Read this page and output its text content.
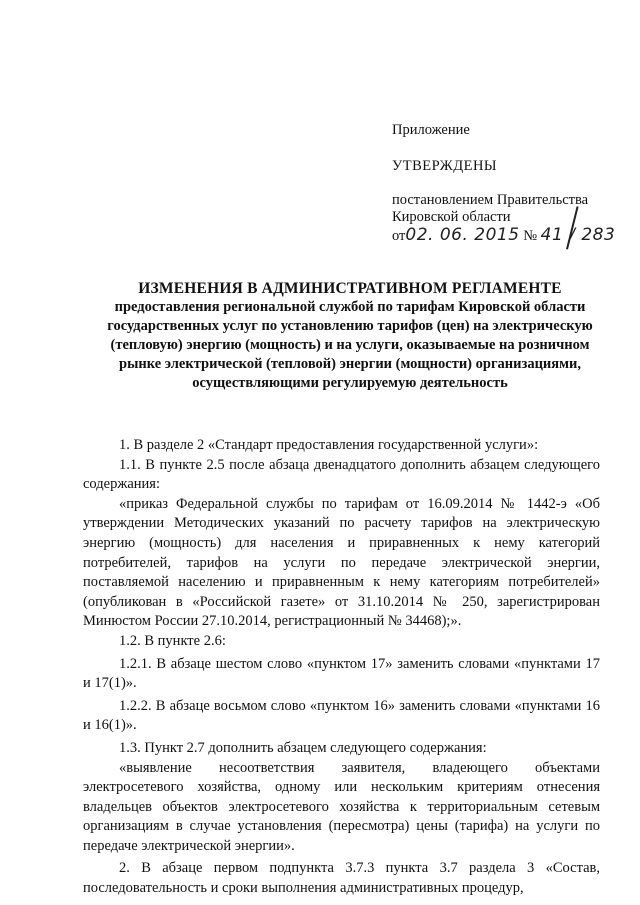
Приложение
УТВЕРЖДЕНЫ
постановлением Правительства
Кировской области
от02. 06. 2015 № 41 / 283
ИЗМЕНЕНИЯ В АДМИНИСТРАТИВНОМ РЕГЛАМЕНТЕ
предоставления региональной службой по тарифам Кировской области
государственных услуг по установлению тарифов (цен) на электрическую
(тепловую) энергию (мощность) и на услуги, оказываемые на розничном
рынке электрической (тепловой) энергии (мощности) организациями,
осуществляющими регулируемую деятельность

1. В разделе 2 «Стандарт предоставления государственной услуги»:

1.1. В пункте 2.5 после абзаца двенадцатого дополнить абзацем следующего содержания:

«приказ Федеральной службы по тарифам от 16.09.2014 № 1442-э «Об утверждении Методических указаний по расчету тарифов на электрическую энергию (мощность) для населения и приравненных к нему категорий потребителей, тарифов на услуги по передаче электрической энергии, поставляемой населению и приравненным к нему категориям потребителей» (опубликован в «Российской газете» от 31.10.2014 № 250, зарегистрирован Минюстом России 27.10.2014, регистрационный № 34468);».

1.2. В пункте 2.6:

1.2.1. В абзаце шестом слово «пунктом 17» заменить словами «пунктами 17 и 17(1)».

1.2.2. В абзаце восьмом слово «пунктом 16» заменить словами «пунктами 16 и 16(1)».

1.3. Пункт 2.7 дополнить абзацем следующего содержания:

«выявление несоответствия заявителя, владеющего объектами электросетевого хозяйства, одному или нескольким критериям отнесения владельцев объектов электросетевого хозяйства к территориальным сетевым организациям в случае установления (пересмотра) цены (тарифа) на услуги по передаче электрической энергии».

2. В абзаце первом подпункта 3.7.3 пункта 3.7 раздела 3 «Состав, последовательность и сроки выполнения административных процедур,
